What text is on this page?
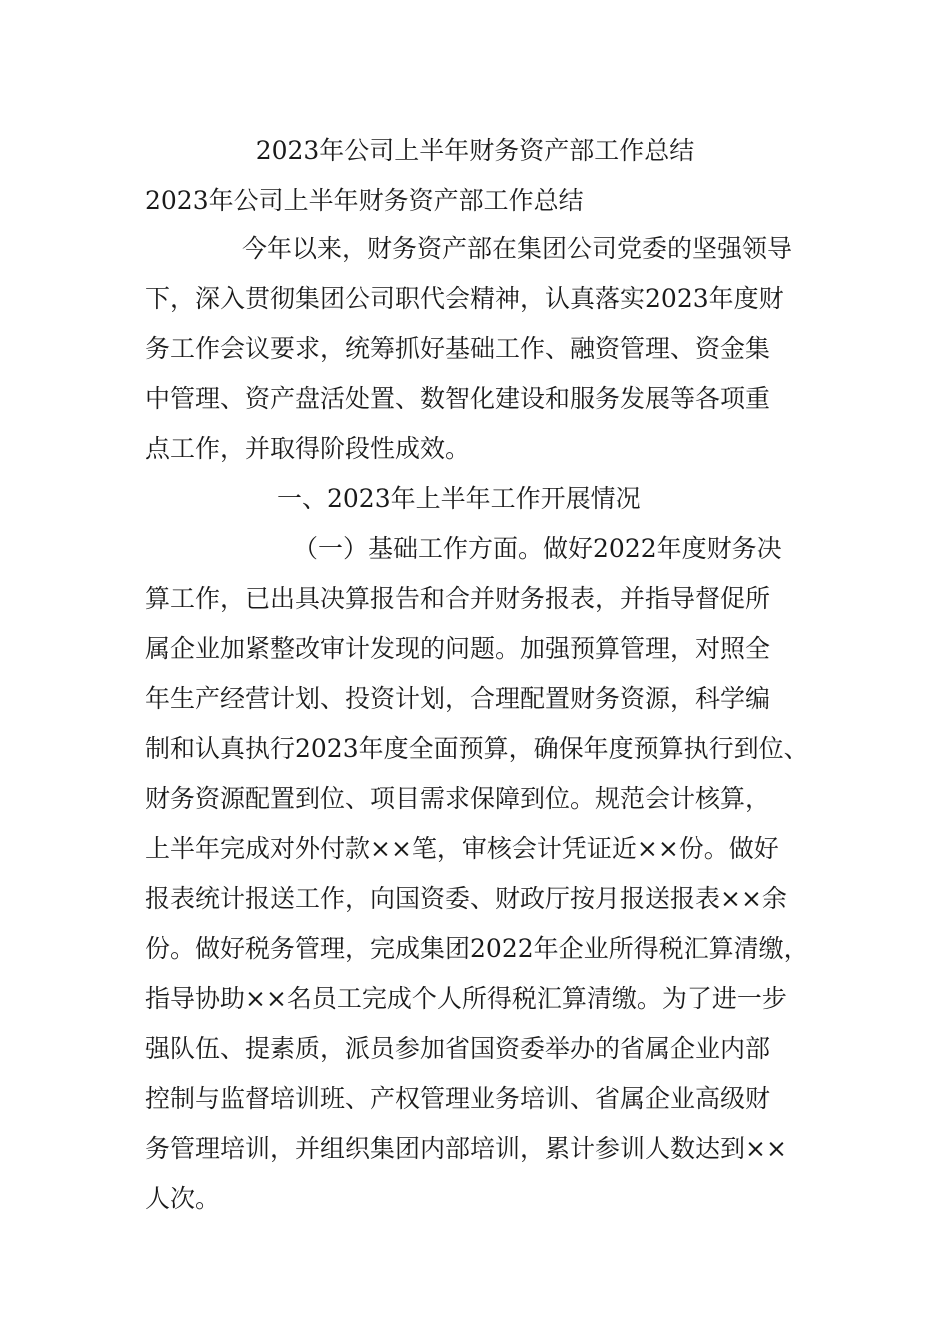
2023年公司上半年财务资产部工作总结
2023年公司上半年财务资产部工作总结

今年以来，财务资产部在集团公司党委的坚强领导
下，深入贯彻集团公司职代会精神，认真落实2023年度财
务工作会议要求，统筹抓好基础工作、融资管理、资金集
中管理、资产盘活处置、数智化建设和服务发展等各项重
点工作，并取得阶段性成效。

一、2023年上半年工作开展情况

（一）基础工作方面。做好2022年度财务决
算工作，已出具决算报告和合并财务报表，并指导督促所
属企业加紧整改审计发现的问题。加强预算管理，对照全
年生产经营计划、投资计划，合理配置财务资源，科学编
制和认真执行2023年度全面预算，确保年度预算执行到位、
财务资源配置到位、项目需求保障到位。规范会计核算，
上半年完成对外付款××笔，审核会计凭证近××份。做好
报表统计报送工作，向国资委、财政厅按月报送报表××余
份。做好税务管理，完成集团2022年企业所得税汇算清缴，
指导协助××名员工完成个人所得税汇算清缴。为了进一步
强队伍、提素质，派员参加省国资委举办的省属企业内部
控制与监督培训班、产权管理业务培训、省属企业高级财
务管理培训，并组织集团内部培训，累计参训人数达到××
人次。
